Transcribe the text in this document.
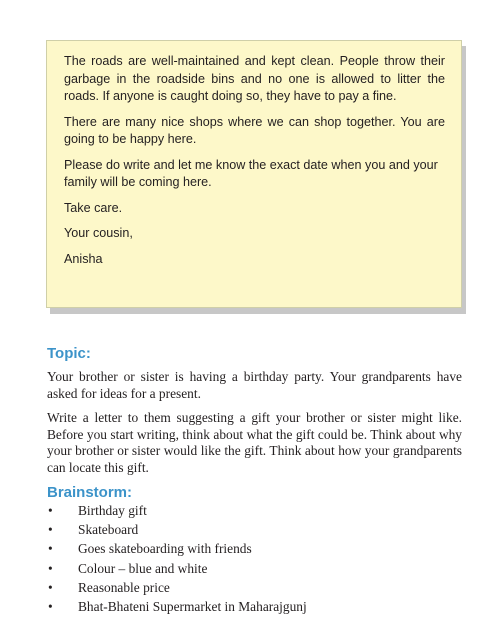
The roads are well-maintained and kept clean. People throw their garbage in the roadside bins and no one is allowed to litter the roads. If anyone is caught doing so, they have to pay a fine.

There are many nice shops where we can shop together. You are going to be happy here.

Please do write and let me know the exact date when you and your family will be coming here.

Take care.

Your cousin,

Anisha

Topic:

Your brother or sister is having a birthday party. Your grandparents have asked for ideas for a present.

Write a letter to them suggesting a gift your brother or sister might like. Before you start writing, think about what the gift could be. Think about why your brother or sister would like the gift. Think about how your grandparents can locate this gift.

Brainstorm:
• Birthday gift
• Skateboard
• Goes skateboarding with friends
• Colour – blue and white
• Reasonable price
• Bhat-Bhateni Supermarket in Maharajgunj
